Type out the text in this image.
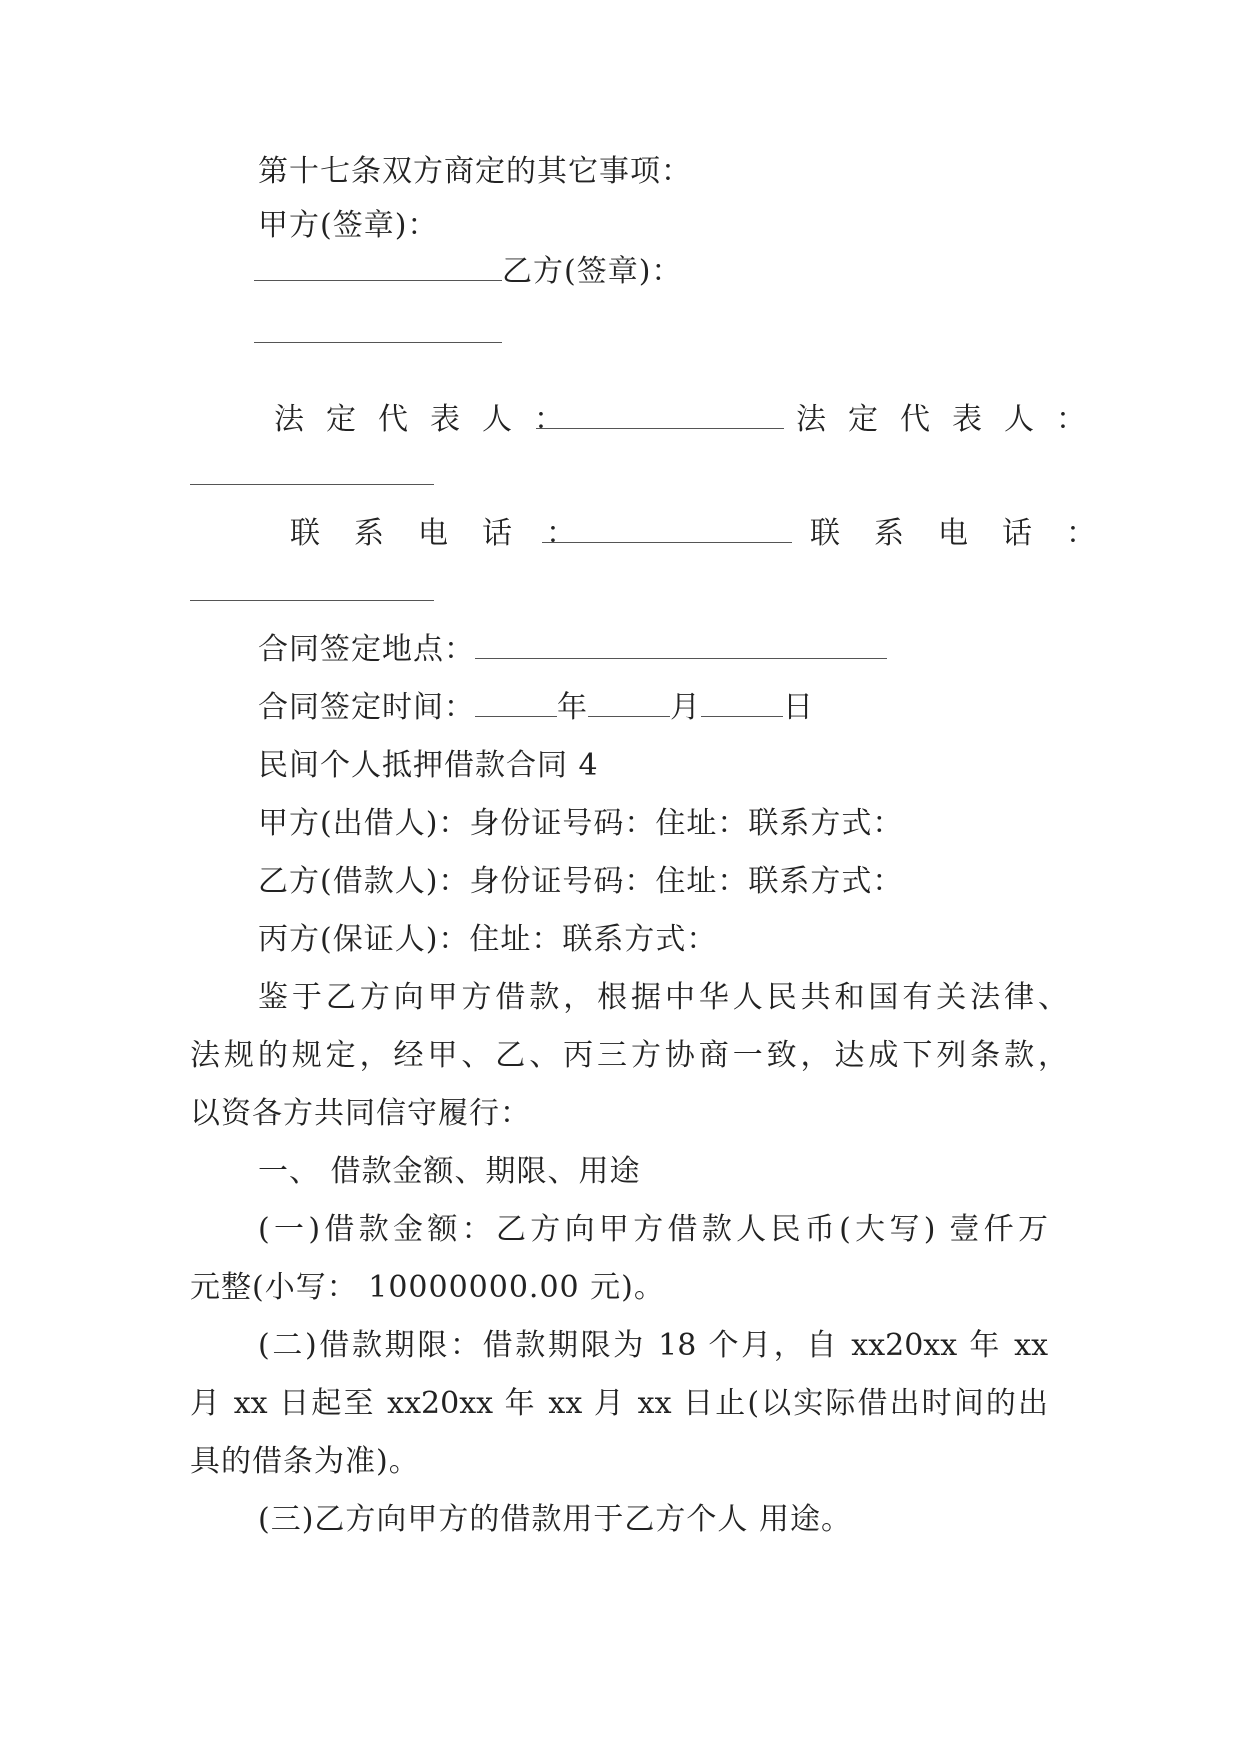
第十七条双方商定的其它事项：
甲方(签章)：
乙方(签章)：
法定代表人：	法定代表人：
联系电话：	联系电话：
合同签定地点：
合同签定时间：	年	月	日
民间个人抵押借款合同 4
甲方(出借人)：身份证号码：住址：联系方式：
乙方(借款人)：身份证号码：住址：联系方式：
丙方(保证人)：住址：联系方式：
鉴于乙方向甲方借款，根据中华人民共和国有关法律、
法规的规定，经甲、乙、丙三方协商一致，达成下列条款，
以资各方共同信守履行：
一、 借款金额、期限、用途
(一)借款金额：乙方向甲方借款人民币(大写) 壹仟万
元整(小写： 10000000.00 元)。
(二)借款期限：借款期限为 18 个月，自 xx20xx 年 xx
月 xx 日起至 xx20xx 年 xx 月 xx 日止(以实际借出时间的出
具的借条为准)。
(三)乙方向甲方的借款用于乙方个人 用途。
